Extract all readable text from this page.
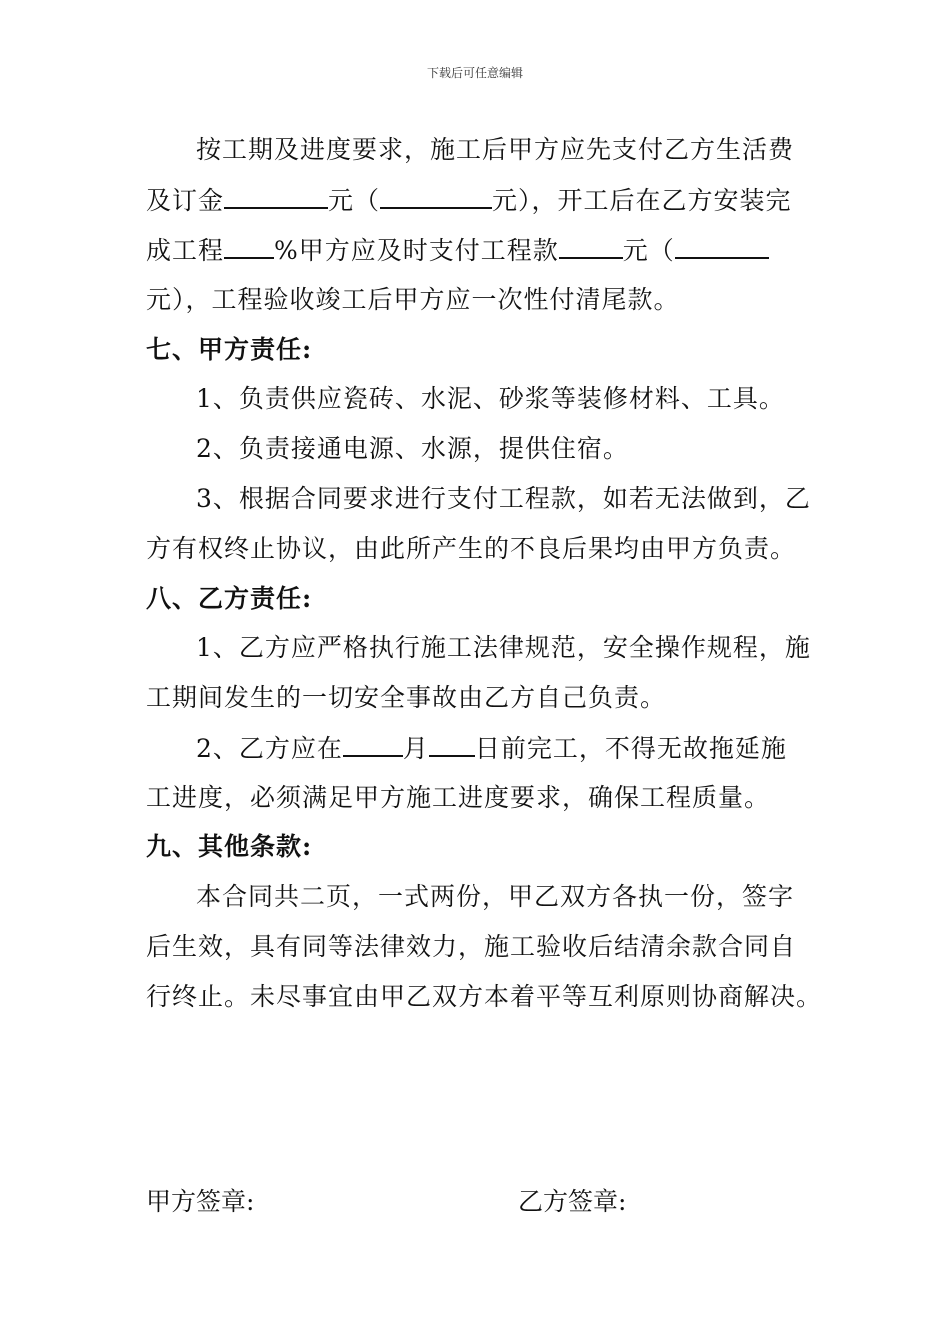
下载后可任意编辑
按工期及进度要求，施工后甲方应先支付乙方生活费
及订金	元（	元），开工后在乙方安装完
成工程 %甲方应及时支付工程款	元（
元），工程验收竣工后甲方应一次性付清尾款。
七、甲方责任:
1、负责供应瓷砖、水泥、砂浆等装修材料、工具。
2、负责接通电源、水源，提供住宿。
3、根据合同要求进行支付工程款，如若无法做到，乙
方有权终止协议，由此所产生的不良后果均由甲方负责。
八、乙方责任:
1、乙方应严格执行施工法律规范，安全操作规程，施
工期间发生的一切安全事故由乙方自己负责。
2、乙方应在 月 日前完工，不得无故拖延施
工进度，必须满足甲方施工进度要求，确保工程质量。
九、其他条款:
本合同共二页，一式两份，甲乙双方各执一份，签字
后生效，具有同等法律效力，施工验收后结清余款合同自
行终止。未尽事宜由甲乙双方本着平等互利原则协商解决。
甲方签章:	乙方签章:
